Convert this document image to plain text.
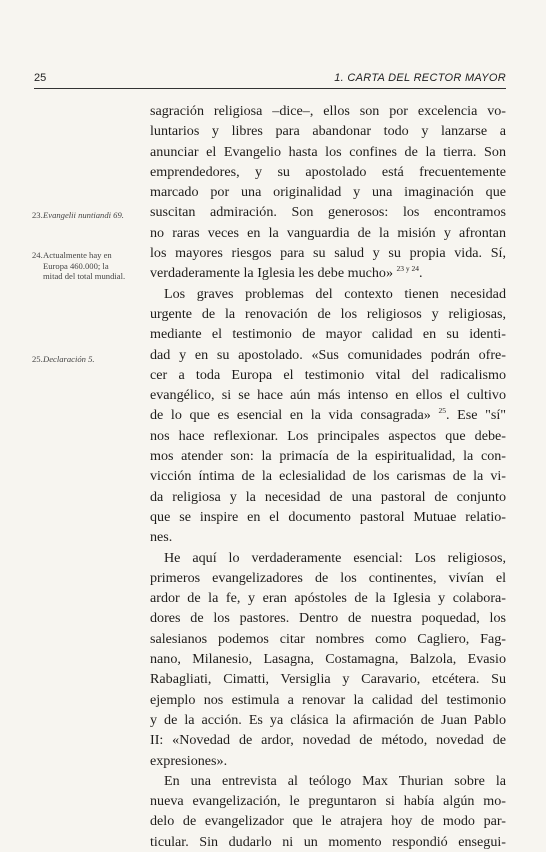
25	1. CARTA DEL RECTOR MAYOR
23. Evangelii nuntiandi 69.
24. Actualmente hay en Europa 460.000; la mitad del total mundial.
25. Declaración 5.
sagración religiosa –dice–, ellos son por excelencia vo-
luntarios y libres para abandonar todo y lanzarse a
anunciar el Evangelio hasta los confines de la tierra. Son
emprendedores, y su apostolado está frecuentemente
marcado por una originalidad y una imaginación que
suscitan admiración. Son generosos: los encontramos
no raras veces en la vanguardia de la misión y afrontan
los mayores riesgos para su salud y su propia vida. Sí,
verdaderamente la Iglesia les debe mucho» $^{23 y 24}$.
Los graves problemas del contexto tienen necesidad
urgente de la renovación de los religiosos y religiosas,
mediante el testimonio de mayor calidad en su identi-
dad y en su apostolado. «Sus comunidades podrán ofre-
cer a toda Europa el testimonio vital del radicalismo
evangélico, si se hace aún más intenso en ellos el cultivo
de lo que es esencial en la vida consagrada» $^{25}$. Ese "sí"
nos hace reflexionar. Los principales aspectos que debe-
mos atender son: la primacía de la espiritualidad, la con-
vicción íntima de la eclesialidad de los carismas de la vi-
da religiosa y la necesidad de una pastoral de conjunto
que se inspire en el documento pastoral Mutuae relatio-
nes.
He aquí lo verdaderamente esencial: Los religiosos,
primeros evangelizadores de los continentes, vivían el
ardor de la fe, y eran apóstoles de la Iglesia y colabora-
dores de los pastores. Dentro de nuestra poquedad, los
salesianos podemos citar nombres como Cagliero, Fag-
nano, Milanesio, Lasagna, Costamagna, Balzola, Evasio
Rabagliati, Cimatti, Versiglia y Caravario, etcétera. Su
ejemplo nos estimula a renovar la calidad del testimonio
y de la acción. Es ya clásica la afirmación de Juan Pablo
II: «Novedad de ardor, novedad de método, novedad de
expresiones».
En una entrevista al teólogo Max Thurian sobre la
nueva evangelización, le preguntaron si había algún mo-
delo de evangelizador que le atrajera hoy de modo par-
ticular. Sin dudarlo ni un momento respondió ensegui-
